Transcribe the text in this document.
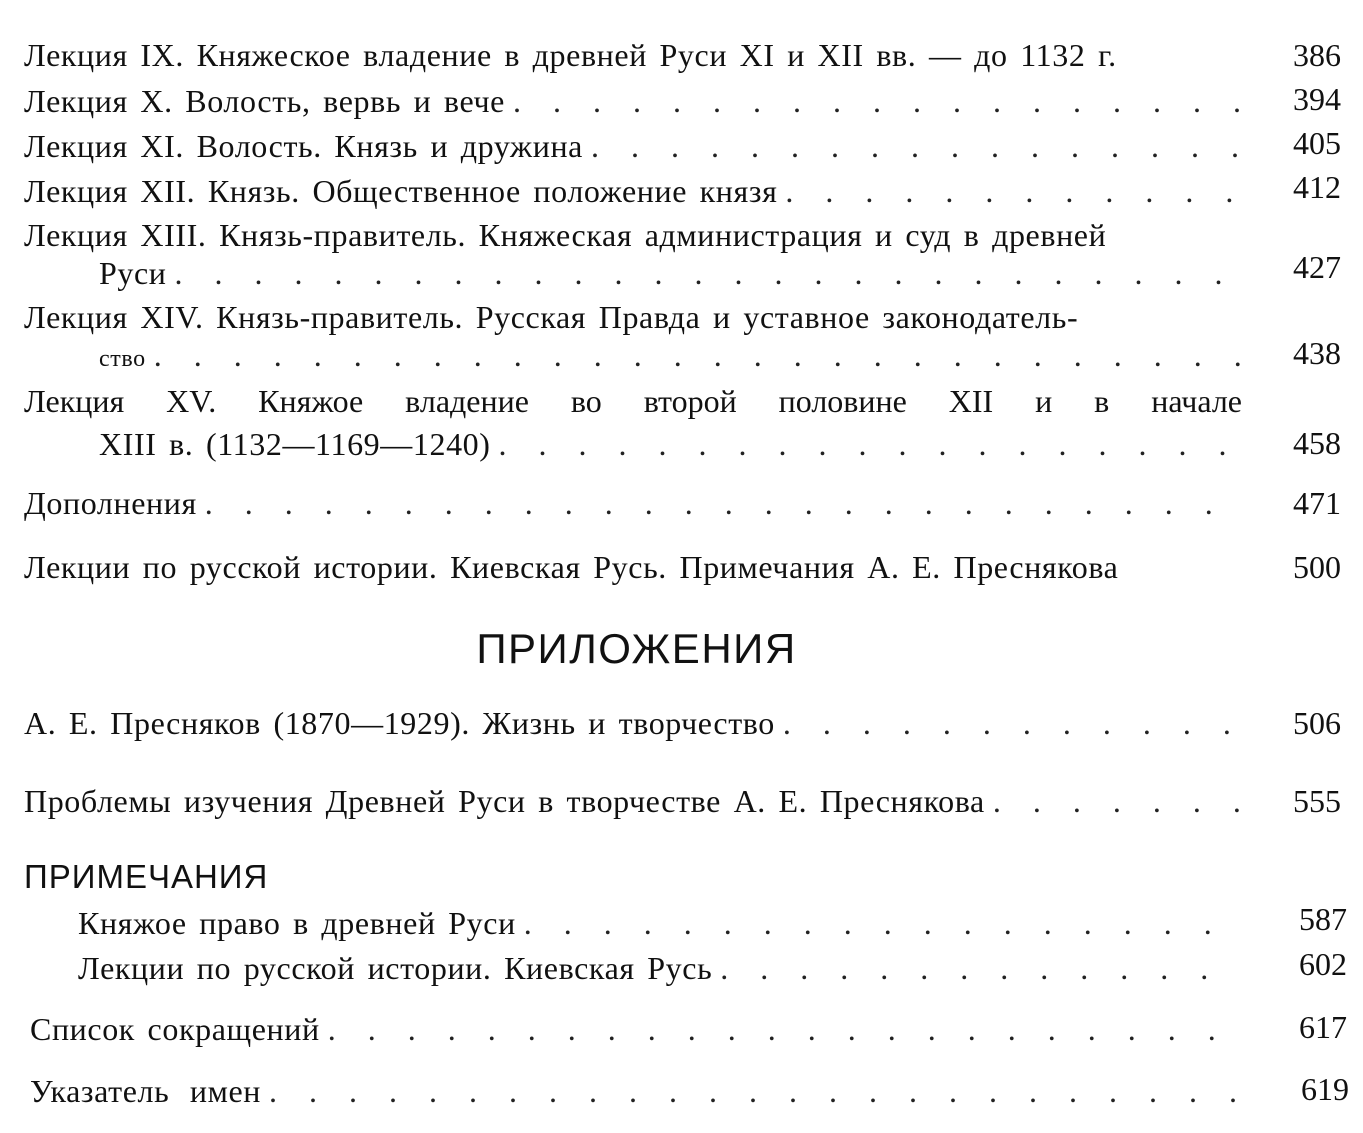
Лекция IX. Княжеское владение в древней Руси XI и XII вв. — до 1132 г.	386
Лекция X. Волость, вервь и вече .	394
Лекция XI. Волость. Князь и дружина .	405
Лекция XII. Князь. Общественное положение князя .	412
Лекция XIII. Князь-правитель. Княжеская администрация и суд в древней
Руси .	427
Лекция XIV. Князь-правитель. Русская Правда и уставное законодатель-
ство .	438
Лекция XV. Княжое владение во второй половине XII и в начале
XIII в. (1132—1169—1240) .	458
Дополнения .	471
Лекции по русской истории. Киевская Русь. Примечания А. Е. Преснякова	500
ПРИЛОЖЕНИЯ
А. Е. Пресняков (1870—1929). Жизнь и творчество .	506
Проблемы изучения Древней Руси в творчестве А. Е. Преснякова .	555
ПРИМЕЧАНИЯ
Княжое право в древней Руси .	587
Лекции по русской истории. Киевская Русь .	602
Список сокращений .	617
Указатель имен .	619
